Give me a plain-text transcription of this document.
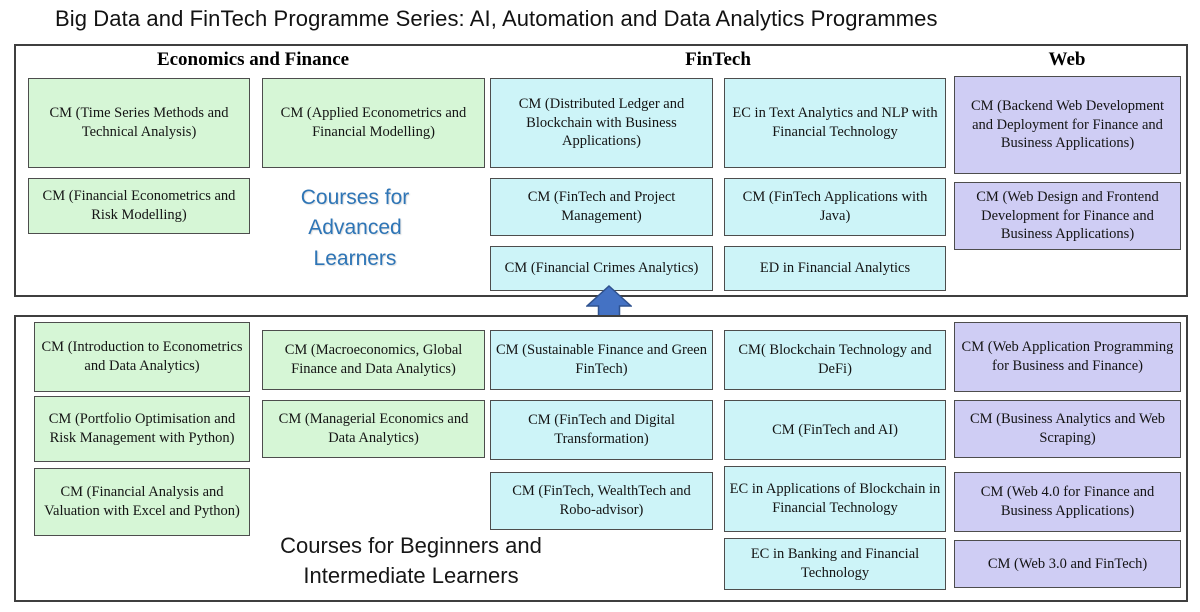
Big Data and FinTech Programme Series: AI, Automation and Data Analytics Programmes
Economics and Finance	FinTech	Web
CM (Time Series Methods and Technical Analysis)
CM (Applied Econometrics and Financial Modelling)
CM (Distributed Ledger and Blockchain with Business Applications)
EC in Text Analytics and NLP with Financial Technology
CM (Backend Web Development and Deployment for Finance and Business Applications)
CM (Financial Econometrics and Risk Modelling)
CM (FinTech and Project Management)
CM (FinTech Applications with Java)
CM (Web Design and Frontend Development for Finance and Business Applications)
CM (Financial Crimes Analytics)	ED in Financial Analytics
Courses for
Advanced
Learners
CM (Introduction to Econometrics and Data Analytics)
CM (Macroeconomics, Global Finance and Data Analytics)
CM (Sustainable Finance and Green FinTech)
CM( Blockchain Technology and DeFi)
CM (Web Application Programming for Business and Finance)
CM (Portfolio Optimisation and Risk Management with Python)
CM (Managerial Economics and Data Analytics)
CM (FinTech and Digital Transformation)
CM (FinTech and AI)
CM (Business Analytics and Web Scraping)
CM (Financial Analysis and Valuation with Excel and Python)
CM (FinTech, WealthTech and Robo-advisor)
EC in Applications of Blockchain in Financial Technology
CM (Web 4.0 for Finance and Business Applications)
EC in Banking and Financial Technology
CM (Web 3.0 and FinTech)
Courses for Beginners and
Intermediate Learners
